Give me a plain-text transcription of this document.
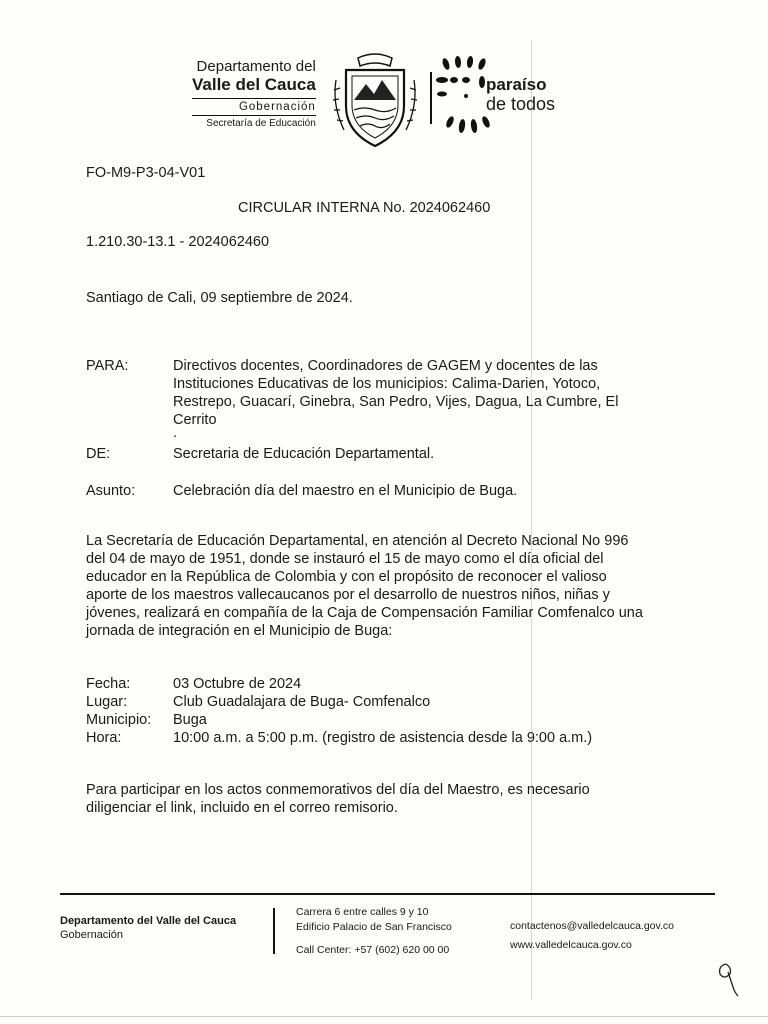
Departamento del
Valle del Cauca
Gobernación
Secretaría de Educación
paraíso
de todos
FO-M9-P3-04-V01
CIRCULAR INTERNA No. 2024062460
1.210.30-13.1 - 2024062460
Santiago de Cali, 09 septiembre de 2024.
PARA:	Directivos docentes, Coordinadores de GAGEM y docentes de las
Instituciones Educativas de los municipios: Calima-Darien, Yotoco,
Restrepo, Guacarí, Ginebra, San Pedro, Vijes, Dagua, La Cumbre, El
Cerrito
.
DE:	Secretaria de Educación Departamental.
Asunto:	Celebración día del maestro en el Municipio de Buga.
La Secretaría de Educación Departamental, en atención al Decreto Nacional No 996
del 04 de mayo de 1951, donde se instauró el 15 de mayo como el día oficial del
educador en la República de Colombia y con el propósito de reconocer el valioso
aporte de los maestros vallecaucanos por el desarrollo de nuestros niños, niñas y
jóvenes, realizará en compañía de la Caja de Compensación Familiar Comfenalco una
jornada de integración en el Municipio de Buga:
Fecha:	03 Octubre de 2024
Lugar:	Club Guadalajara de Buga- Comfenalco
Municipio: Buga
Hora:	10:00 a.m. a 5:00 p.m. (registro de asistencia desde la 9:00 a.m.)
Para participar en los actos conmemorativos del día del Maestro, es necesario
diligenciar el link, incluido en el correo remisorio.
Departamento del Valle del Cauca
Gobernación
Carrera 6 entre calles 9 y 10
Edificio Palacio de San Francisco
Call Center: +57 (602) 620 00 00
contactenos@valledelcauca.gov.co
www.valledelcauca.gov.co
